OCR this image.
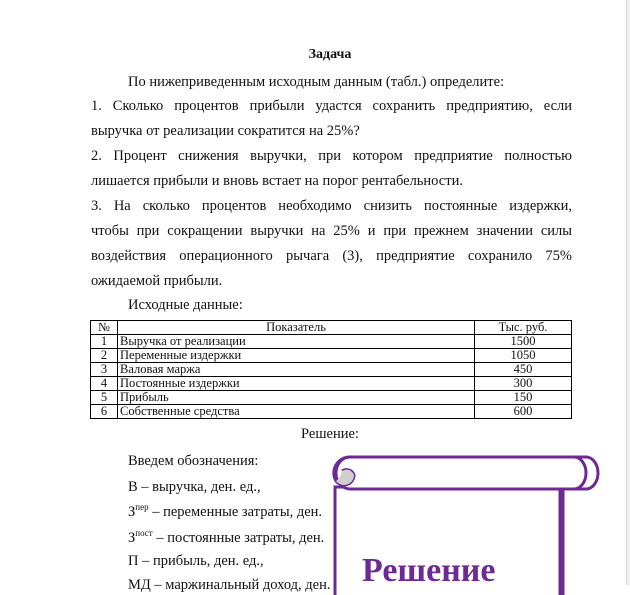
Задача
По нижеприведенным исходным данным (табл.) определите:
1. Сколько процентов прибыли удастся сохранить предприятию, если
выручка от реализации сократится на 25%?
2. Процент снижения выручки, при котором предприятие полностью
лишается прибыли и вновь встает на порог рентабельности.
3. На сколько процентов необходимо снизить постоянные издержки,
чтобы при сокращении выручки на 25% и при прежнем значении силы
воздействия операционного рычага (3), предприятие сохранило 75%
ожидаемой прибыли.
Исходные данные:
№	Показатель	Тыс. руб.
1	Выручка от реализации	1500
2	Переменные издержки	1050
3	Валовая маржа	450
4	Постоянные издержки	300
5	Прибыль	150
6	Собственные средства	600
Решение:
Введем обозначения:
В – выручка, ден. ед.,
$З^{пер}$ – переменные затраты, ден.
$З^{пост}$ – постоянные затраты, ден.
П – прибыль, ден. ед.,
МД – маржинальный доход, ден. Решение
